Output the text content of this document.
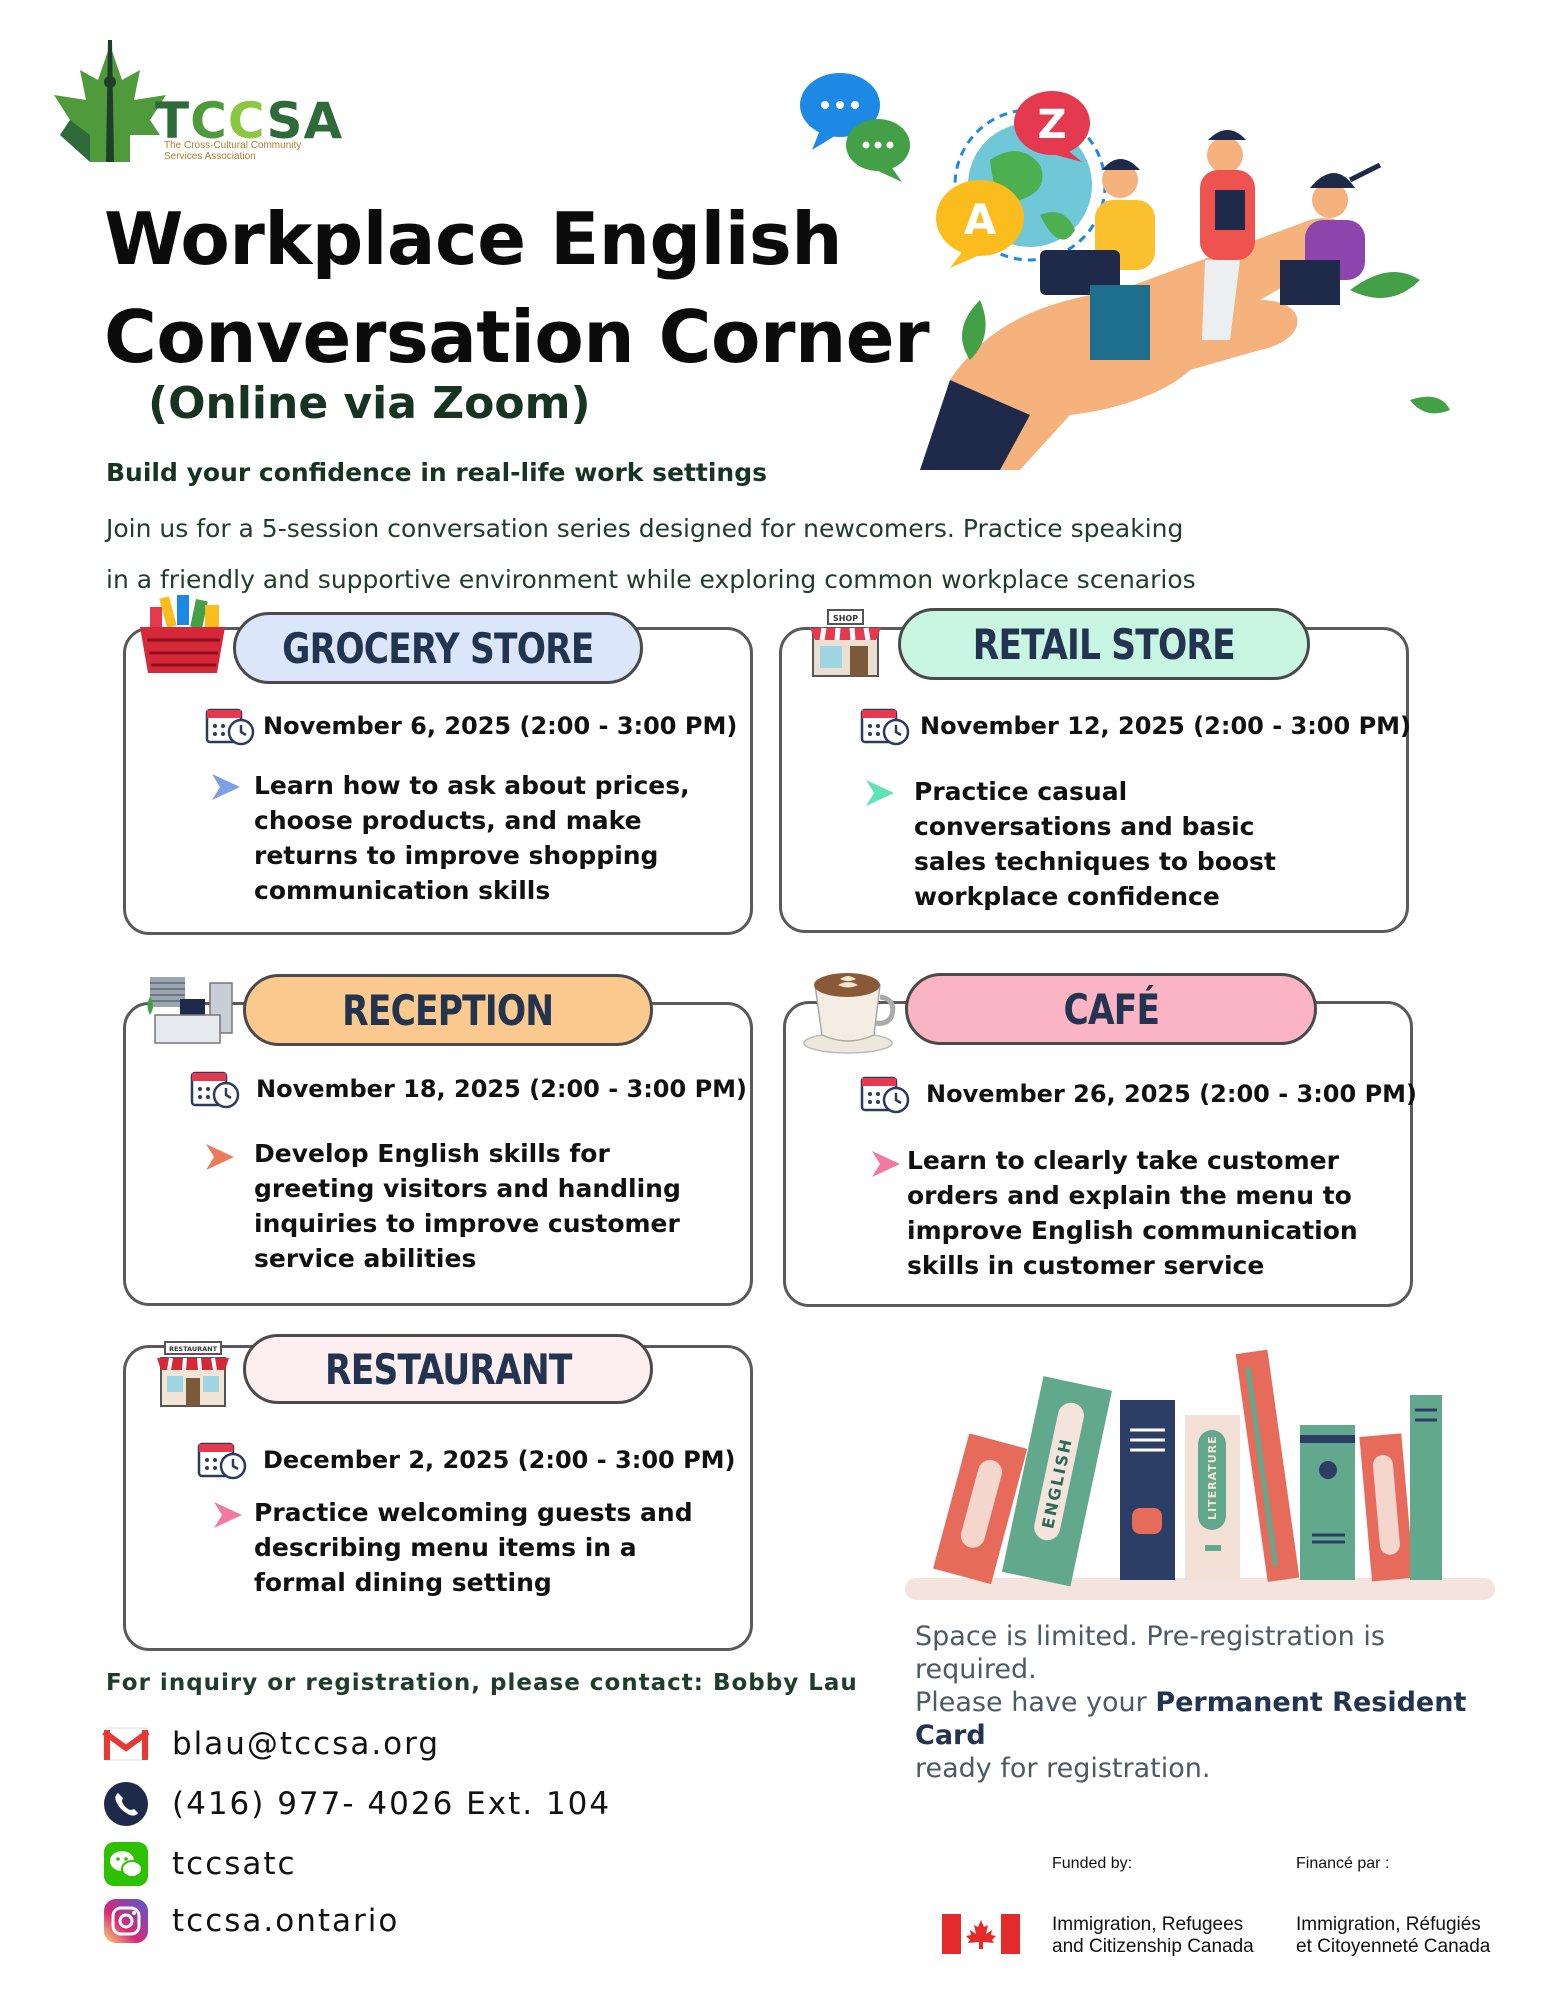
TCCSA
The Cross-Cultural Community
Services Association
Workplace English
Conversation Corner
(Online via Zoom)
Build your confidence in real-life work settings
Join us for a 5-session conversation series designed for newcomers. Practice speaking
in a friendly and supportive environment while exploring common workplace scenarios
Z
A
GROCERY STORE
November 6, 2025 (2:00 - 3:00 PM)
Learn how to ask about prices, choose products, and make returns to improve shopping communication skills
SHOP
RETAIL STORE
November 12, 2025 (2:00 - 3:00 PM)
Practice casual conversations and basic sales techniques to boost workplace confidence
RECEPTION
November 18, 2025 (2:00 - 3:00 PM)
Develop English skills for greeting visitors and handling inquiries to improve customer service abilities
CAFÉ
November 26, 2025 (2:00 - 3:00 PM)
Learn to clearly take customer orders and explain the menu to improve English communication skills in customer service
RESTAURANT	RESTAURANT
December 2, 2025 (2:00 - 3:00 PM)
Practice welcoming guests and describing menu items in a formal dining setting
ENGLISH	LITERATURE
Space is limited. Pre-registration is required.
Please have your Permanent Resident Card
ready for registration.
For inquiry or registration, please contact: Bobby Lau
blau@tccsa.org
(416) 977- 4026 Ext. 104
tccsatc
tccsa.ontario
Funded by:	Financé par :
Immigration, Refugees
and Citizenship Canada
Immigration, Réfugiés
et Citoyenneté Canada
